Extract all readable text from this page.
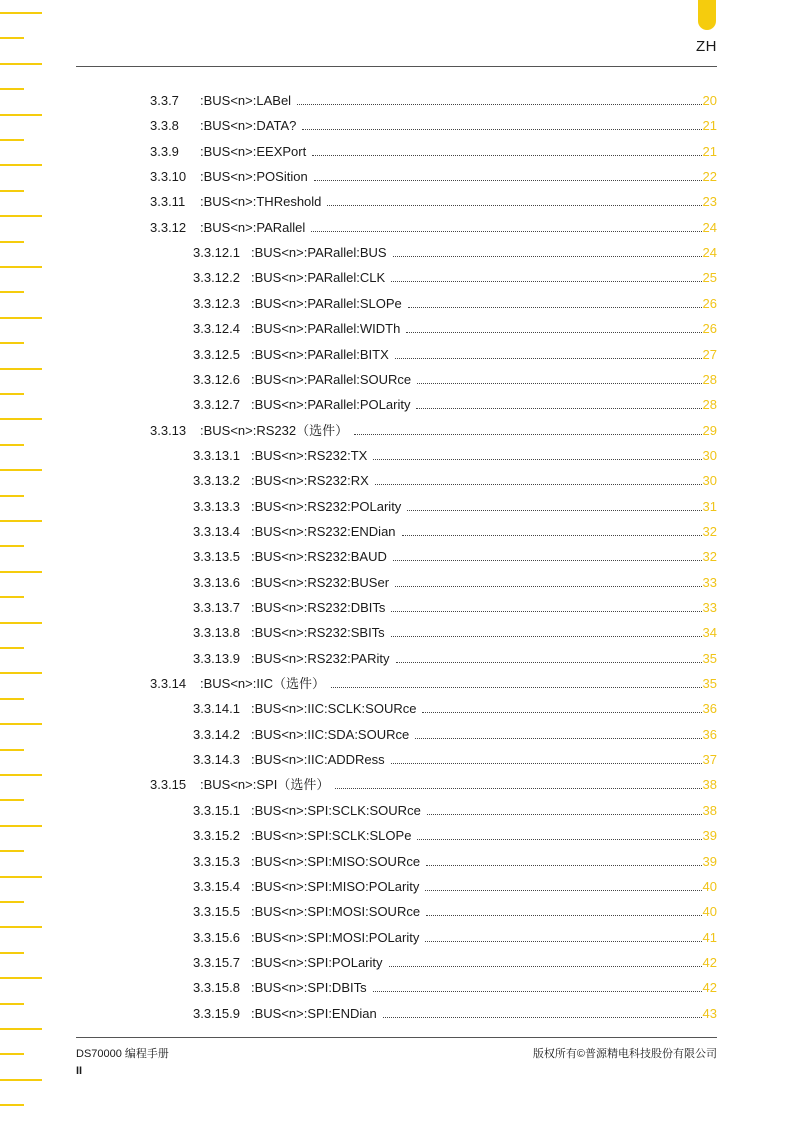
ZH
3.3.7	:BUS<n>:LABel	20
3.3.8	:BUS<n>:DATA?	21
3.3.9	:BUS<n>:EEXPort	21
3.3.10	:BUS<n>:POSition	22
3.3.11	:BUS<n>:THReshold	23
3.3.12	:BUS<n>:PARallel	24
3.3.12.1 :BUS<n>:PARallel:BUS	24
3.3.12.2 :BUS<n>:PARallel:CLK	25
3.3.12.3 :BUS<n>:PARallel:SLOPe	26
3.3.12.4 :BUS<n>:PARallel:WIDTh	26
3.3.12.5 :BUS<n>:PARallel:BITX	27
3.3.12.6 :BUS<n>:PARallel:SOURce	28
3.3.12.7 :BUS<n>:PARallel:POLarity	28
3.3.13	:BUS<n>:RS232（选件）	29
3.3.13.1 :BUS<n>:RS232:TX	30
3.3.13.2 :BUS<n>:RS232:RX	30
3.3.13.3 :BUS<n>:RS232:POLarity	31
3.3.13.4 :BUS<n>:RS232:ENDian	32
3.3.13.5 :BUS<n>:RS232:BAUD	32
3.3.13.6 :BUS<n>:RS232:BUSer	33
3.3.13.7 :BUS<n>:RS232:DBITs	33
3.3.13.8 :BUS<n>:RS232:SBITs	34
3.3.13.9 :BUS<n>:RS232:PARity	35
3.3.14	:BUS<n>:IIC（选件）	35
3.3.14.1 :BUS<n>:IIC:SCLK:SOURce	36
3.3.14.2 :BUS<n>:IIC:SDA:SOURce	36
3.3.14.3 :BUS<n>:IIC:ADDRess	37
3.3.15	:BUS<n>:SPI（选件）	38
3.3.15.1 :BUS<n>:SPI:SCLK:SOURce	38
3.3.15.2 :BUS<n>:SPI:SCLK:SLOPe	39
3.3.15.3 :BUS<n>:SPI:MISO:SOURce	39
3.3.15.4 :BUS<n>:SPI:MISO:POLarity	40
3.3.15.5 :BUS<n>:SPI:MOSI:SOURce	40
3.3.15.6 :BUS<n>:SPI:MOSI:POLarity	41
3.3.15.7 :BUS<n>:SPI:POLarity	42
3.3.15.8 :BUS<n>:SPI:DBITs	42
3.3.15.9 :BUS<n>:SPI:ENDian	43
DS70000 编程手册	版权所有©普源精电科技股份有限公司
II
